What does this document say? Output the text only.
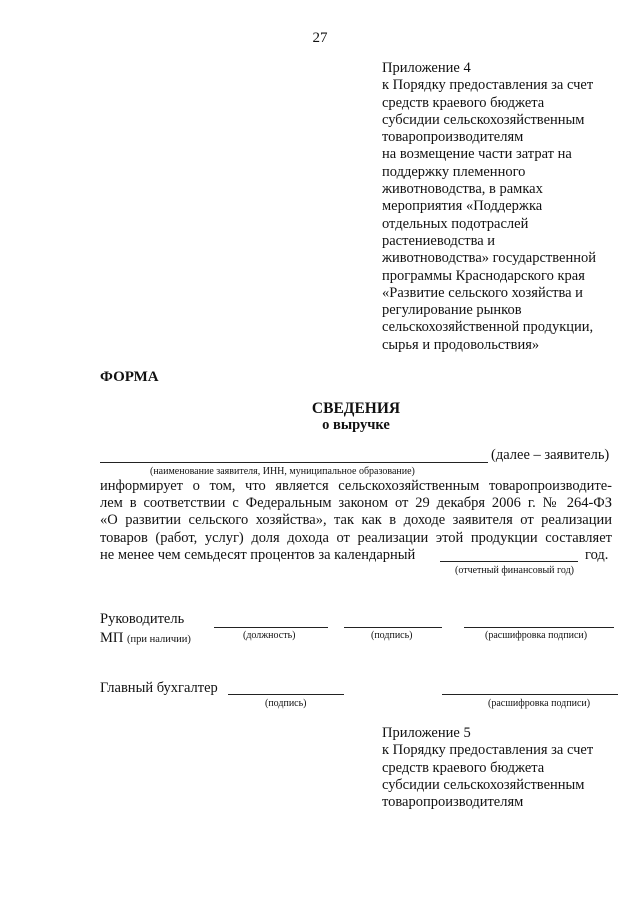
27
Приложение 4
к Порядку предоставления за счет
средств краевого бюджета
субсидии сельскохозяйственным
товаропроизводителям
на возмещение части затрат на
поддержку племенного
животноводства, в рамках
мероприятия «Поддержка
отдельных подотраслей
растениеводства и
животноводства» государственной
программы Краснодарского края
«Развитие сельского хозяйства и
регулирование рынков
сельскохозяйственной продукции,
сырья и продовольствия»
ФОРМА
СВЕДЕНИЯ
о выручке
(далее – заявитель)
(наименование заявителя, ИНН, муниципальное образование)
информирует о том, что является сельскохозяйственным товаропроизводите-
лем в соответствии с Федеральным законом от 29 декабря 2006 г. № 264-ФЗ
«О развитии сельского хозяйства», так как в доходе заявителя от реализации
товаров (работ, услуг) доля дохода от реализации этой продукции составляет
не менее чем семьдесят процентов за календарный	год.
(отчетный финансовый год)
Руководитель
МП (при наличии)	(должность)	(подпись)	(расшифровка подписи)
Главный бухгалтер
(подпись)	(расшифровка подписи)
Приложение 5
к Порядку предоставления за счет
средств краевого бюджета
субсидии сельскохозяйственным
товаропроизводителям
